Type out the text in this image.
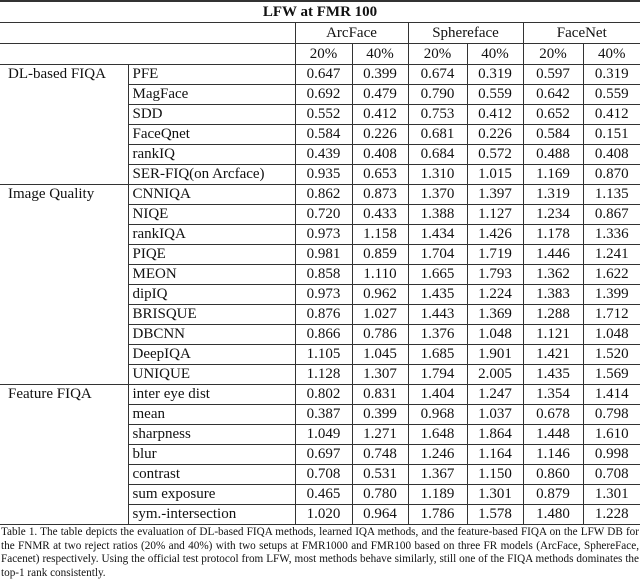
LFW at FMR 100							
		ArcFace		Sphereface		FaceNet	
		20%	40%	20%	40%	20%	40%
DL-based FIQA	PFE	0.647	0.399	0.674	0.319	0.597	0.319
	MagFace	0.692	0.479	0.790	0.559	0.642	0.559
	SDD	0.552	0.412	0.753	0.412	0.652	0.412
	FaceQnet	0.584	0.226	0.681	0.226	0.584	0.151
	rankIQ	0.439	0.408	0.684	0.572	0.488	0.408
	SER-FIQ(on Arcface)	0.935	0.653	1.310	1.015	1.169	0.870
Image Quality	CNNIQA	0.862	0.873	1.370	1.397	1.319	1.135
	NIQE	0.720	0.433	1.388	1.127	1.234	0.867
	rankIQA	0.973	1.158	1.434	1.426	1.178	1.336
	PIQE	0.981	0.859	1.704	1.719	1.446	1.241
	MEON	0.858	1.110	1.665	1.793	1.362	1.622
	dipIQ	0.973	0.962	1.435	1.224	1.383	1.399
	BRISQUE	0.876	1.027	1.443	1.369	1.288	1.712
	DBCNN	0.866	0.786	1.376	1.048	1.121	1.048
	DeepIQA	1.105	1.045	1.685	1.901	1.421	1.520
	UNIQUE	1.128	1.307	1.794	2.005	1.435	1.569
Feature FIQA	inter eye dist	0.802	0.831	1.404	1.247	1.354	1.414
	mean	0.387	0.399	0.968	1.037	0.678	0.798
	sharpness	1.049	1.271	1.648	1.864	1.448	1.610
	blur	0.697	0.748	1.246	1.164	1.146	0.998
	contrast	0.708	0.531	1.367	1.150	0.860	0.708
	sum exposure	0.465	0.780	1.189	1.301	0.879	1.301
	sym.-intersection	1.020	0.964	1.786	1.578	1.480	1.228
Table 1. The table depicts the evaluation of DL-based FIQA methods, learned IQA methods, and the feature-based FIQA on the LFW DB for the FNMR at two reject ratios (20% and 40%) with two setups at FMR1000 and FMR100 based on three FR models (ArcFace, SphereFace, Facenet) respectively. Using the official test protocol from LFW, most methods behave similarly, still one of the FIQA methods dominates the top-1 rank consistently.
